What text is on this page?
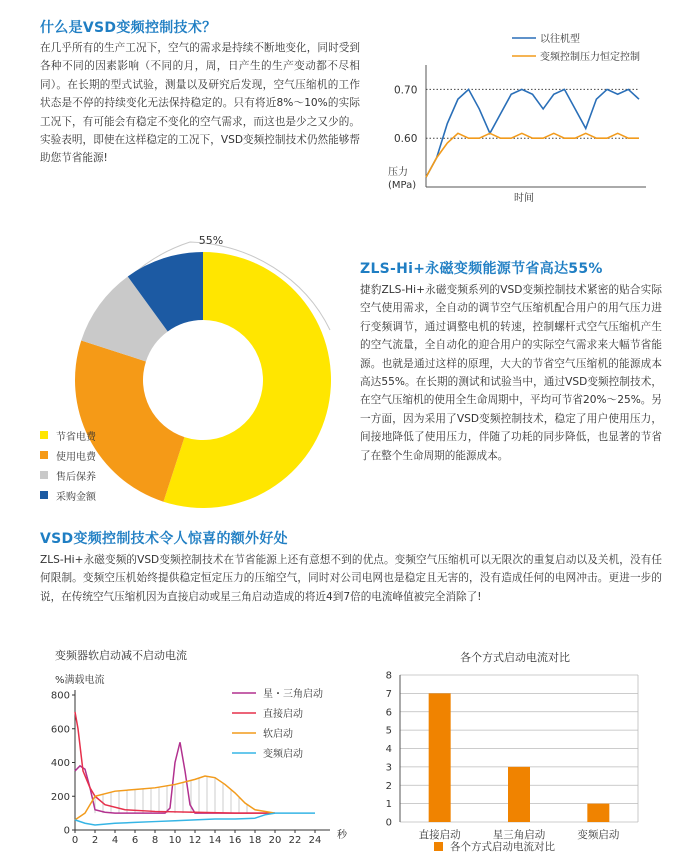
什么是VSD变频控制技术？

在几乎所有的生产工况下，空气的需求是持续不断地变化，同时受到各种不同的因素影响（不同的月，周，日产生的生产变动都不尽相同）。在长期的型式试验，测量以及研究后发现，空气压缩机的工作状态是不停的持续变化无法保持稳定的。只有将近8%～10%的实际工况下，有可能会有稳定不变化的空气需求，而这也是少之又少的。实验表明，即使在这样稳定的工况下，VSD变频控制技术仍然能够帮助您节省能源!

以往机型
变频控制压力恒定控制
0.70
0.60
压力
(MPa)
时间
55%
节省电费
使用电费
售后保养
采购金额
ZLS-Hi+永磁变频能源节省高达55%

捷豹ZLS-Hi+永磁变频系列的VSD变频控制技术紧密的贴合实际空气使用需求，全自动的调节空气压缩机配合用户的用气压力进行变频调节，通过调整电机的转速，控制螺杆式空气压缩机产生的空气流量，全自动化的迎合用户的实际空气需求来大幅节省能源。也就是通过这样的原理，大大的节省空气压缩机的能源成本高达55%。在长期的测试和试验当中，通过VSD变频控制技术，在空气压缩机的使用全生命周期中，平均可节省20%～25%。另一方面，因为采用了VSD变频控制技术，稳定了用户使用压力，间接地降低了使用压力，伴随了功耗的同步降低，也显著的节省了在整个生命周期的能源成本。

VSD变频控制技术令人惊喜的额外好处

ZLS-Hi+永磁变频的VSD变频控制技术在节省能源上还有意想不到的优点。变频空气压缩机可以无限次的重复启动以及关机，没有任何限制。变频空压机始终提供稳定恒定压力的压缩空气，同时对公司电网也是稳定且无害的，没有造成任何的电网冲击。更进一步的说，在传统空气压缩机因为直接启动或星三角启动造成的将近4到7倍的电流峰值被完全消除了!

变频器软启动减不启动电流
%满载电流
0
200
400
600
800
0 2 4 6 8 10 12 14 16 18 20 22 24 秒
星・三角启动
直接启动
软启动
变频启动
各个方式启动电流对比
0
1
2
3
4
5
6
7
8
直接启动	星三角启动	变频启动
各个方式启动电流对比
